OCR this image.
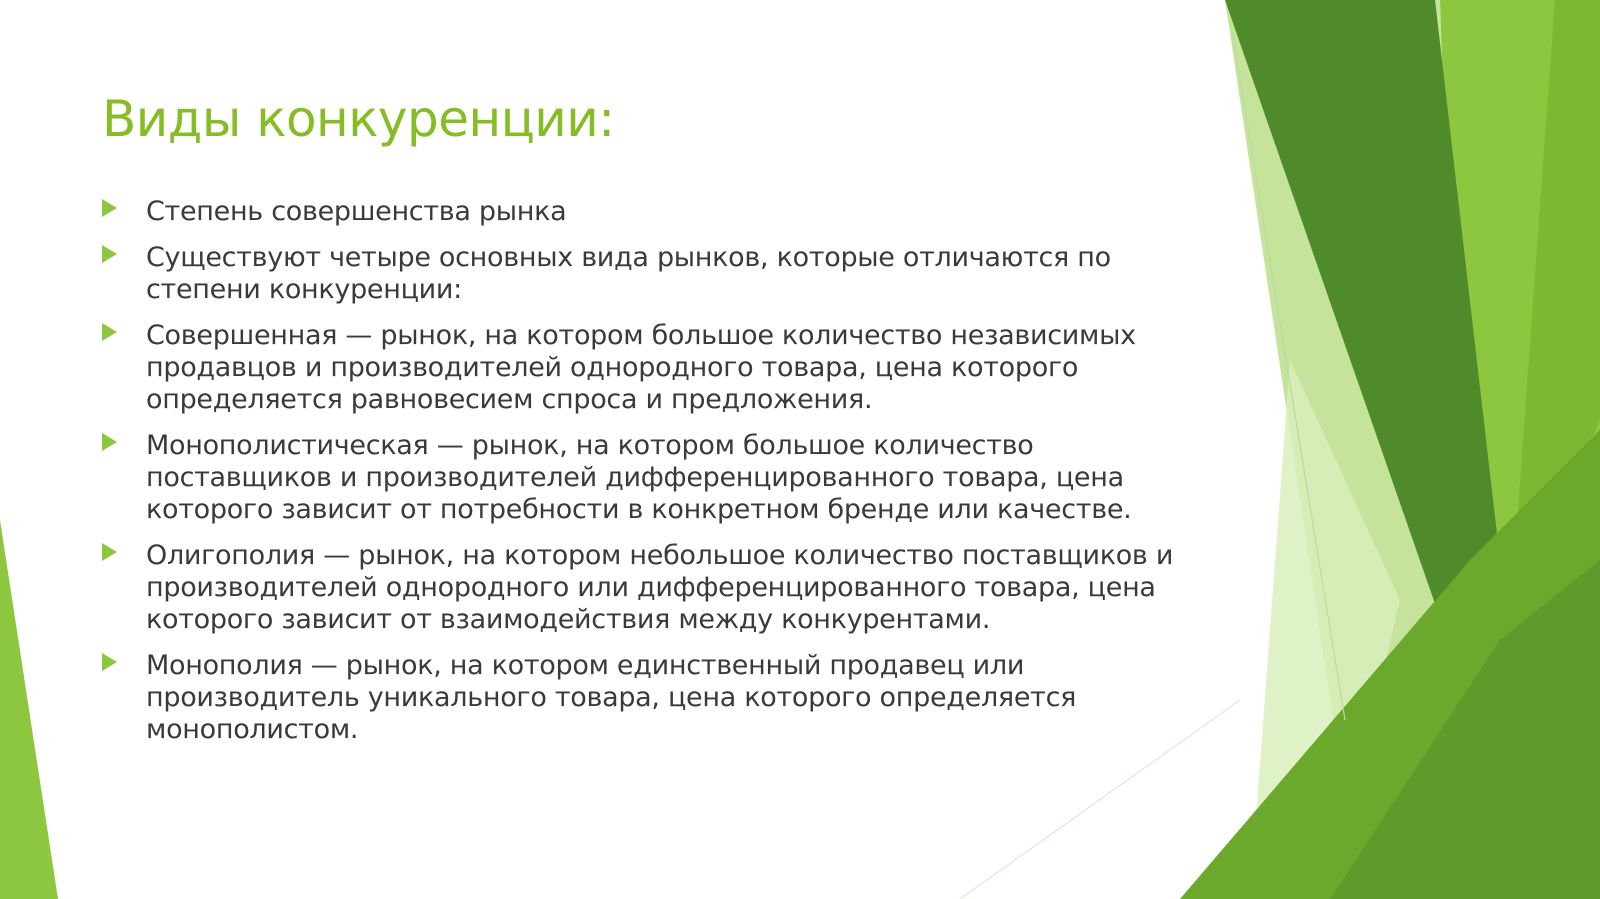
Виды конкуренции:
Степень совершенства рынка
Существуют четыре основных вида рынков, которые отличаются по степени конкуренции:
Совершенная — рынок, на котором большое количество независимых продавцов и производителей однородного товара, цена которого определяется равновесием спроса и предложения.
Монополистическая — рынок, на котором большое количество поставщиков и производителей дифференцированного товара, цена которого зависит от потребности в конкретном бренде или качестве.
Олигополия — рынок, на котором небольшое количество поставщиков и производителей однородного или дифференцированного товара, цена которого зависит от взаимодействия между конкурентами.
Монополия — рынок, на котором единственный продавец или производитель уникального товара, цена которого определяется монополистом.
